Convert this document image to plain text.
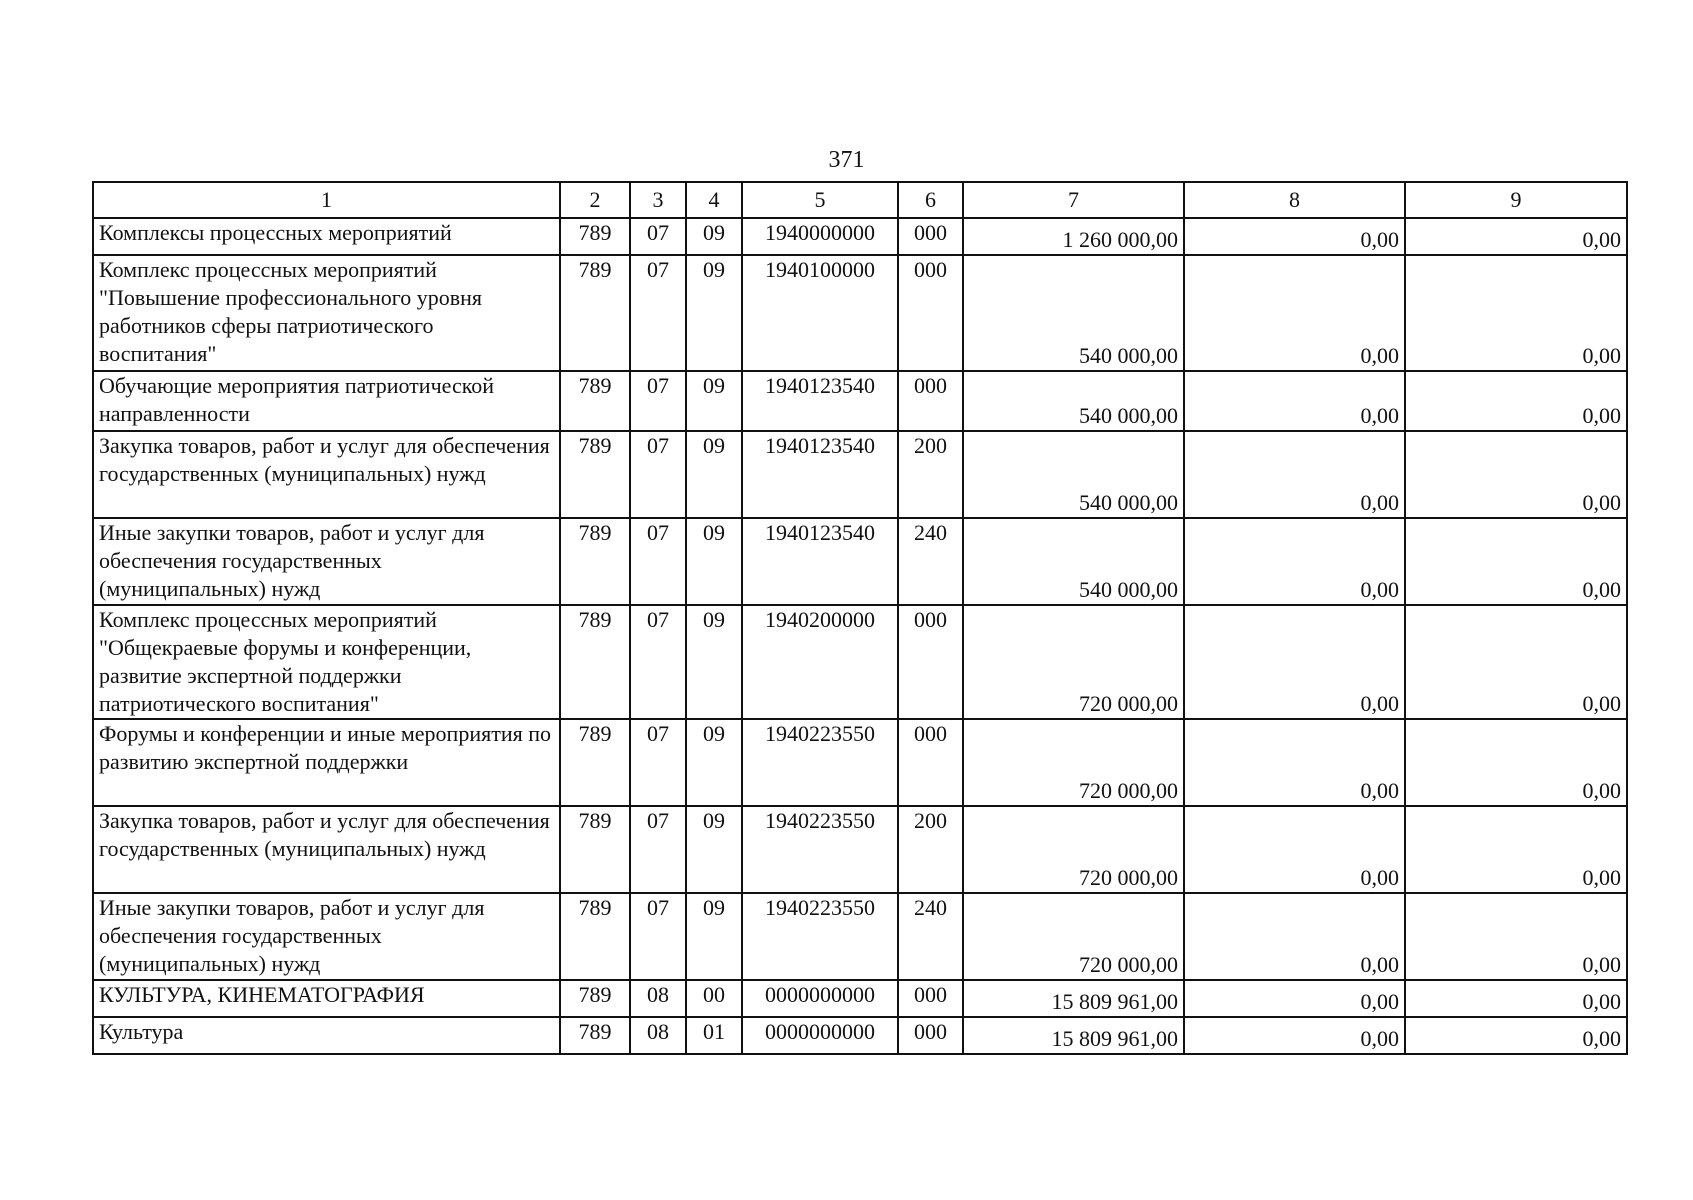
371
1	2	3	4	5	6	7	8	9
Комплексы процессных мероприятий	789	07	09	1940000000	000	1 260 000,00	0,00	0,00
Комплекс процессных мероприятий "Повышение профессионального уровня работников сферы патриотического воспитания"	789	07	09	1940100000	000	540 000,00	0,00	0,00
Обучающие мероприятия патриотической направленности	789	07	09	1940123540	000	540 000,00	0,00	0,00
Закупка товаров, работ и услуг для обеспечения государственных (муниципальных) нужд	789	07	09	1940123540	200	540 000,00	0,00	0,00
Иные закупки товаров, работ и услуг для обеспечения государственных (муниципальных) нужд	789	07	09	1940123540	240	540 000,00	0,00	0,00
Комплекс процессных мероприятий "Общекраевые форумы и конференции, развитие экспертной поддержки патриотического воспитания"	789	07	09	1940200000	000	720 000,00	0,00	0,00
Форумы и конференции и иные мероприятия по развитию экспертной поддержки	789	07	09	1940223550	000	720 000,00	0,00	0,00
Закупка товаров, работ и услуг для обеспечения государственных (муниципальных) нужд	789	07	09	1940223550	200	720 000,00	0,00	0,00
Иные закупки товаров, работ и услуг для обеспечения государственных (муниципальных) нужд	789	07	09	1940223550	240	720 000,00	0,00	0,00
КУЛЬТУРА, КИНЕМАТОГРАФИЯ	789	08	00	0000000000	000	15 809 961,00	0,00	0,00
Культура	789	08	01	0000000000	000	15 809 961,00	0,00	0,00
